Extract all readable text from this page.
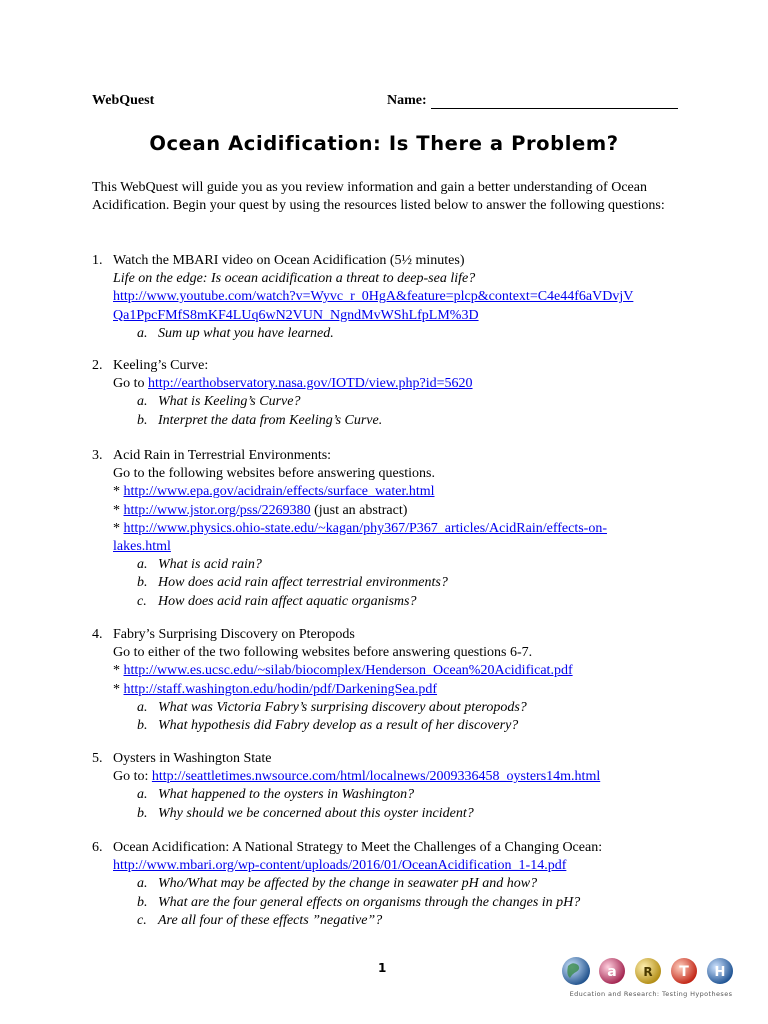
WebQuest	Name:
Ocean Acidification: Is There a Problem?
This WebQuest will guide you as you review information and gain a better understanding of Ocean Acidification. Begin your quest by using the resources listed below to answer the following questions:
1. Watch the MBARI video on Ocean Acidification (5½ minutes)
Life on the edge: Is ocean acidification a threat to deep-sea life?
http://www.youtube.com/watch?v=Wyvc_r_0HgA&feature=plcp&context=C4e44f6aVDvjV
Qa1PpcFMfS8mKF4LUq6wN2VUN_NgndMvWShLfpLM%3D
a. Sum up what you have learned.
2. Keeling’s Curve:
Go to http://earthobservatory.nasa.gov/IOTD/view.php?id=5620
a. What is Keeling’s Curve?
b. Interpret the data from Keeling’s Curve.
3. Acid Rain in Terrestrial Environments:
Go to the following websites before answering questions.
* http://www.epa.gov/acidrain/effects/surface_water.html
* http://www.jstor.org/pss/2269380 (just an abstract)
* http://www.physics.ohio-state.edu/~kagan/phy367/P367_articles/AcidRain/effects-on-
lakes.html
a. What is acid rain?
b. How does acid rain affect terrestrial environments?
c. How does acid rain affect aquatic organisms?
4. Fabry’s Surprising Discovery on Pteropods
Go to either of the two following websites before answering questions 6-7.
* http://www.es.ucsc.edu/~silab/biocomplex/Henderson_Ocean%20Acidificat.pdf
* http://staff.washington.edu/hodin/pdf/DarkeningSea.pdf
a. What was Victoria Fabry’s surprising discovery about pteropods?
b. What hypothesis did Fabry develop as a result of her discovery?
5. Oysters in Washington State
Go to: http://seattletimes.nwsource.com/html/localnews/2009336458_oysters14m.html
a. What happened to the oysters in Washington?
b. Why should we be concerned about this oyster incident?
6. Ocean Acidification: A National Strategy to Meet the Challenges of a Changing Ocean:
http://www.mbari.org/wp-content/uploads/2016/01/OceanAcidification_1-14.pdf
a. Who/What may be affected by the change in seawater pH and how?
b. What are the four general effects on organisms through the changes in pH?
c. Are all four of these effects ”negative”?
1	a R T H
Education and Research: Testing Hypotheses
